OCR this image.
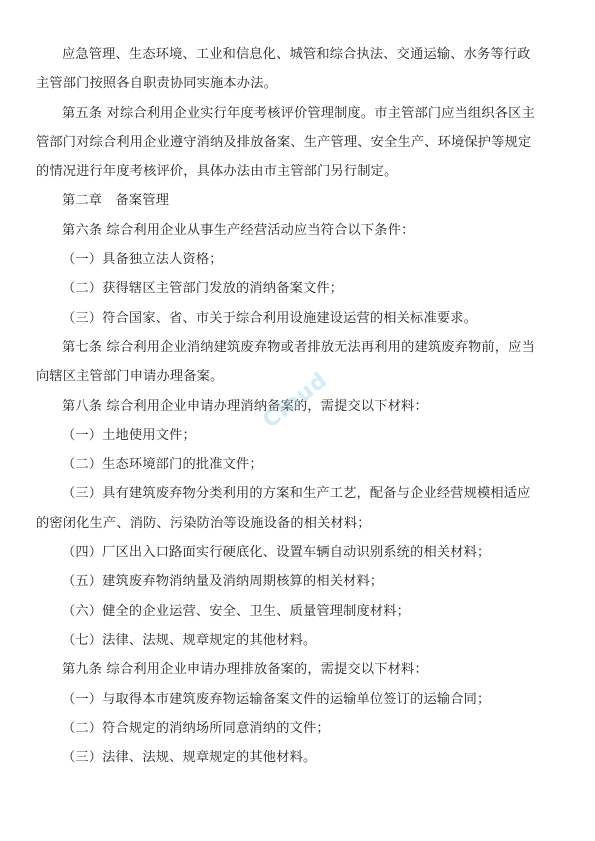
应急管理、生态环境、工业和信息化、城管和综合执法、交通运输、水务等行政
主管部门按照各自职责协同实施本办法。
第五条 对综合利用企业实行年度考核评价管理制度。市主管部门应当组织各区主
管部门对综合利用企业遵守消纳及排放备案、生产管理、安全生产、环境保护等规定
的情况进行年度考核评价，具体办法由市主管部门另行制定。
第二章　备案管理
第六条 综合利用企业从事生产经营活动应当符合以下条件：
（一）具备独立法人资格；
（二）获得辖区主管部门发放的消纳备案文件；
（三）符合国家、省、市关于综合利用设施建设运营的相关标准要求。
第七条 综合利用企业消纳建筑废弃物或者排放无法再利用的建筑废弃物前，应当
向辖区主管部门申请办理备案。
第八条 综合利用企业申请办理消纳备案的，需提交以下材料：
（一）土地使用文件；
（二）生态环境部门的批准文件；
（三）具有建筑废弃物分类利用的方案和生产工艺，配备与企业经营规模相适应
的密闭化生产、消防、污染防治等设施设备的相关材料；
（四）厂区出入口路面实行硬底化、设置车辆自动识别系统的相关材料；
（五）建筑废弃物消纳量及消纳周期核算的相关材料；
（六）健全的企业运营、安全、卫生、质量管理制度材料；
（七）法律、法规、规章规定的其他材料。
第九条 综合利用企业申请办理排放备案的，需提交以下材料：
（一）与取得本市建筑废弃物运输备案文件的运输单位签订的运输合同；
（二）符合规定的消纳场所同意消纳的文件；
（三）法律、法规、规章规定的其他材料。
Cloud
